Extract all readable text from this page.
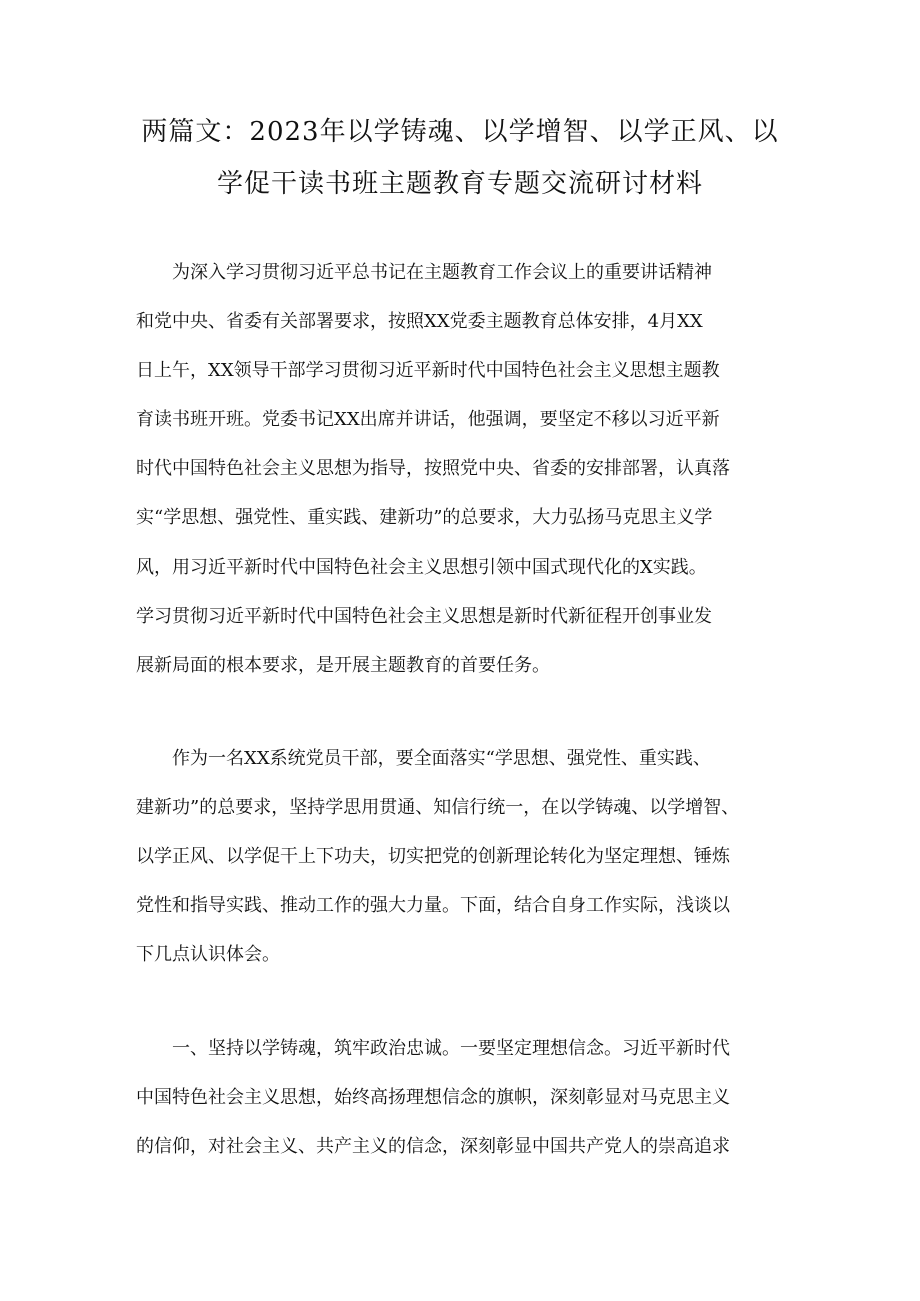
两篇文：2023年以学铸魂、以学增智、以学正风、以
学促干读书班主题教育专题交流研讨材料
为深入学习贯彻习近平总书记在主题教育工作会议上的重要讲话精神
和党中央、省委有关部署要求，按照XX党委主题教育总体安排，4月XX
日上午，XX领导干部学习贯彻习近平新时代中国特色社会主义思想主题教
育读书班开班。党委书记XX出席并讲话，他强调，要坚定不移以习近平新
时代中国特色社会主义思想为指导，按照党中央、省委的安排部署，认真落
实“学思想、强党性、重实践、建新功”的总要求，大力弘扬马克思主义学
风，用习近平新时代中国特色社会主义思想引领中国式现代化的X实践。
学习贯彻习近平新时代中国特色社会主义思想是新时代新征程开创事业发
展新局面的根本要求，是开展主题教育的首要任务。
作为一名XX系统党员干部，要全面落实“学思想、强党性、重实践、
建新功”的总要求，坚持学思用贯通、知信行统一，在以学铸魂、以学增智、
以学正风、以学促干上下功夫，切实把党的创新理论转化为坚定理想、锤炼
党性和指导实践、推动工作的强大力量。下面，结合自身工作实际，浅谈以
下几点认识体会。
一、坚持以学铸魂，筑牢政治忠诚。一要坚定理想信念。习近平新时代
中国特色社会主义思想，始终高扬理想信念的旗帜，深刻彰显对马克思主义
的信仰，对社会主义、共产主义的信念，深刻彰显中国共产党人的崇高追求
